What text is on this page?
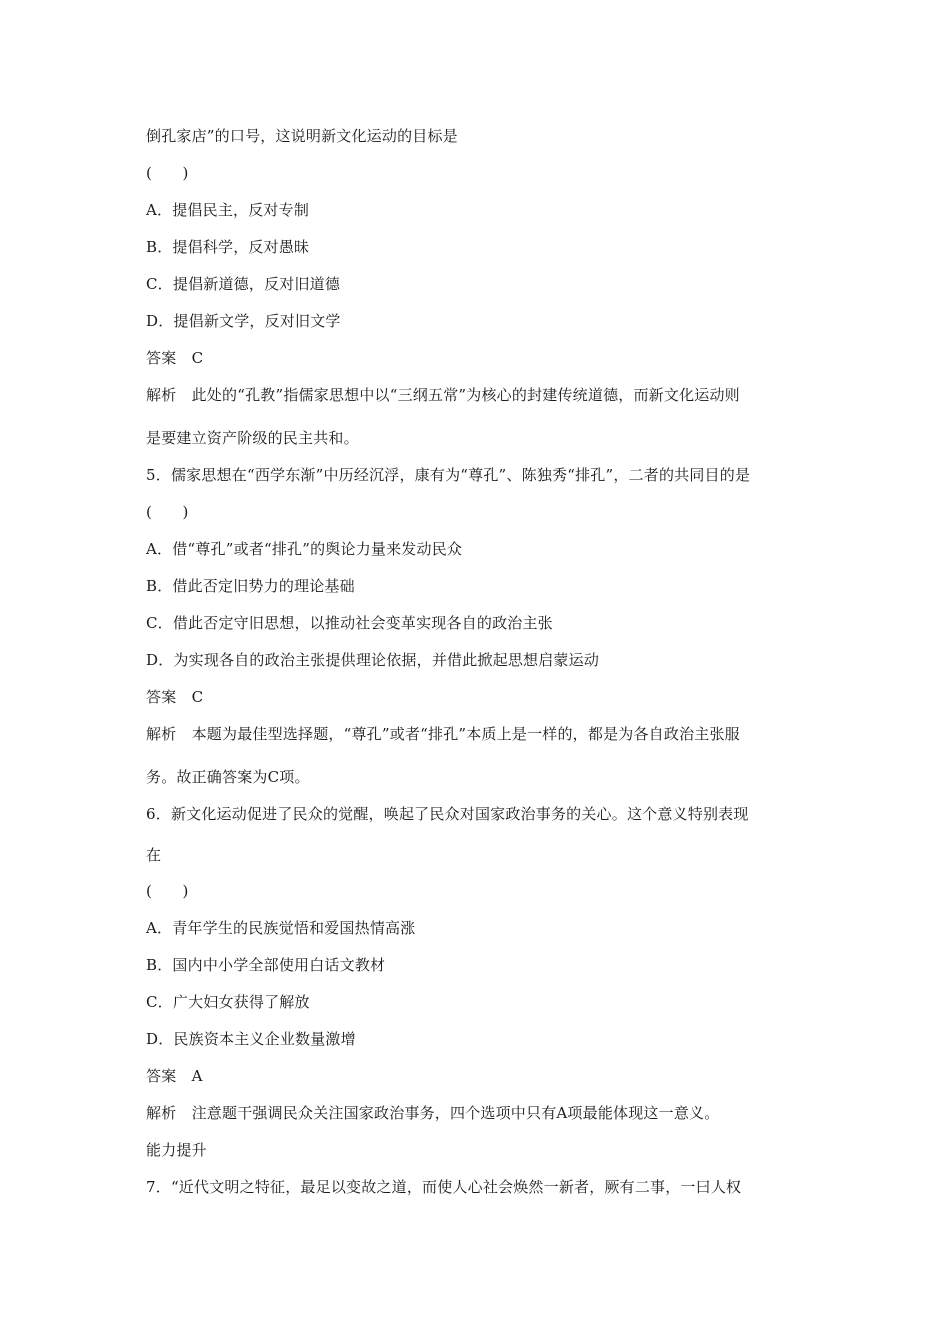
倒孔家店”的口号，这说明新文化运动的目标是
(　　)
A．提倡民主，反对专制
B．提倡科学，反对愚昧
C．提倡新道德，反对旧道德
D．提倡新文学，反对旧文学
答案　C
解析　此处的“孔教”指儒家思想中以“三纲五常”为核心的封建传统道德，而新文化运动则
是要建立资产阶级的民主共和。
5．儒家思想在“西学东渐”中历经沉浮，康有为“尊孔”、陈独秀“排孔”，二者的共同目的是
(　　)
A．借“尊孔”或者“排孔”的舆论力量来发动民众
B．借此否定旧势力的理论基础
C．借此否定守旧思想，以推动社会变革实现各自的政治主张
D．为实现各自的政治主张提供理论依据，并借此掀起思想启蒙运动
答案　C
解析　本题为最佳型选择题，“尊孔”或者“排孔”本质上是一样的，都是为各自政治主张服
务。故正确答案为C项。
6．新文化运动促进了民众的觉醒，唤起了民众对国家政治事务的关心。这个意义特别表现
在
(　　)
A．青年学生的民族觉悟和爱国热情高涨
B．国内中小学全部使用白话文教材
C．广大妇女获得了解放
D．民族资本主义企业数量激增
答案　A
解析　注意题干强调民众关注国家政治事务，四个选项中只有A项最能体现这一意义。
能力提升
7．“近代文明之特征，最足以变故之道，而使人心社会焕然一新者，厥有二事，一曰人权
